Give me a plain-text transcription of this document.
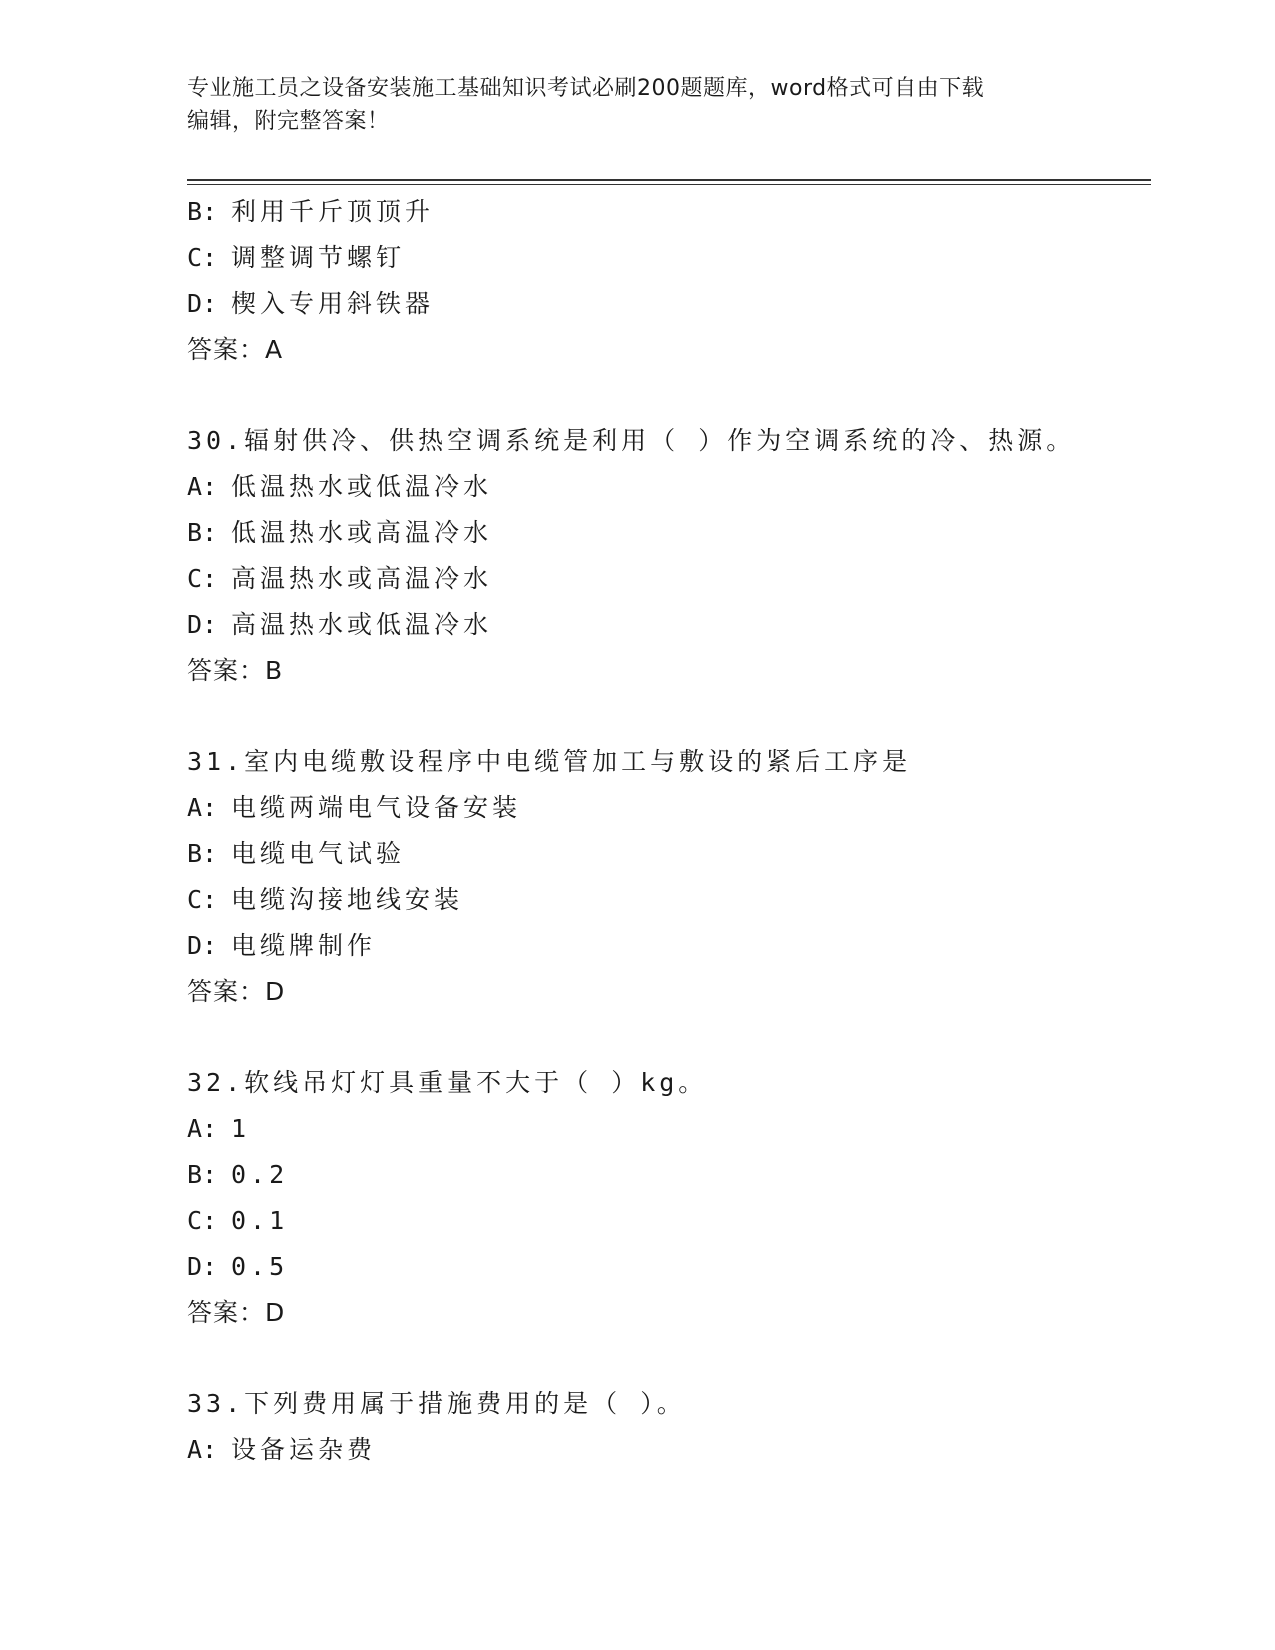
专业施工员之设备安装施工基础知识考试必刷200题题库，word格式可自由下载
编辑，附完整答案！
B: 利用千斤顶顶升
C: 调整调节螺钉
D: 楔入专用斜铁器
答案：A
30.辐射供冷、供热空调系统是利用（ ）作为空调系统的冷、热源。
A: 低温热水或低温冷水
B: 低温热水或高温冷水
C: 高温热水或高温冷水
D: 高温热水或低温冷水
答案：B
31.室内电缆敷设程序中电缆管加工与敷设的紧后工序是
A: 电缆两端电气设备安装
B: 电缆电气试验
C: 电缆沟接地线安装
D: 电缆牌制作
答案：D
32.软线吊灯灯具重量不大于（ ）kg。
A: 1
B: 0.2
C: 0.1
D: 0.5
答案：D
33.下列费用属于措施费用的是（ ）。
A: 设备运杂费
